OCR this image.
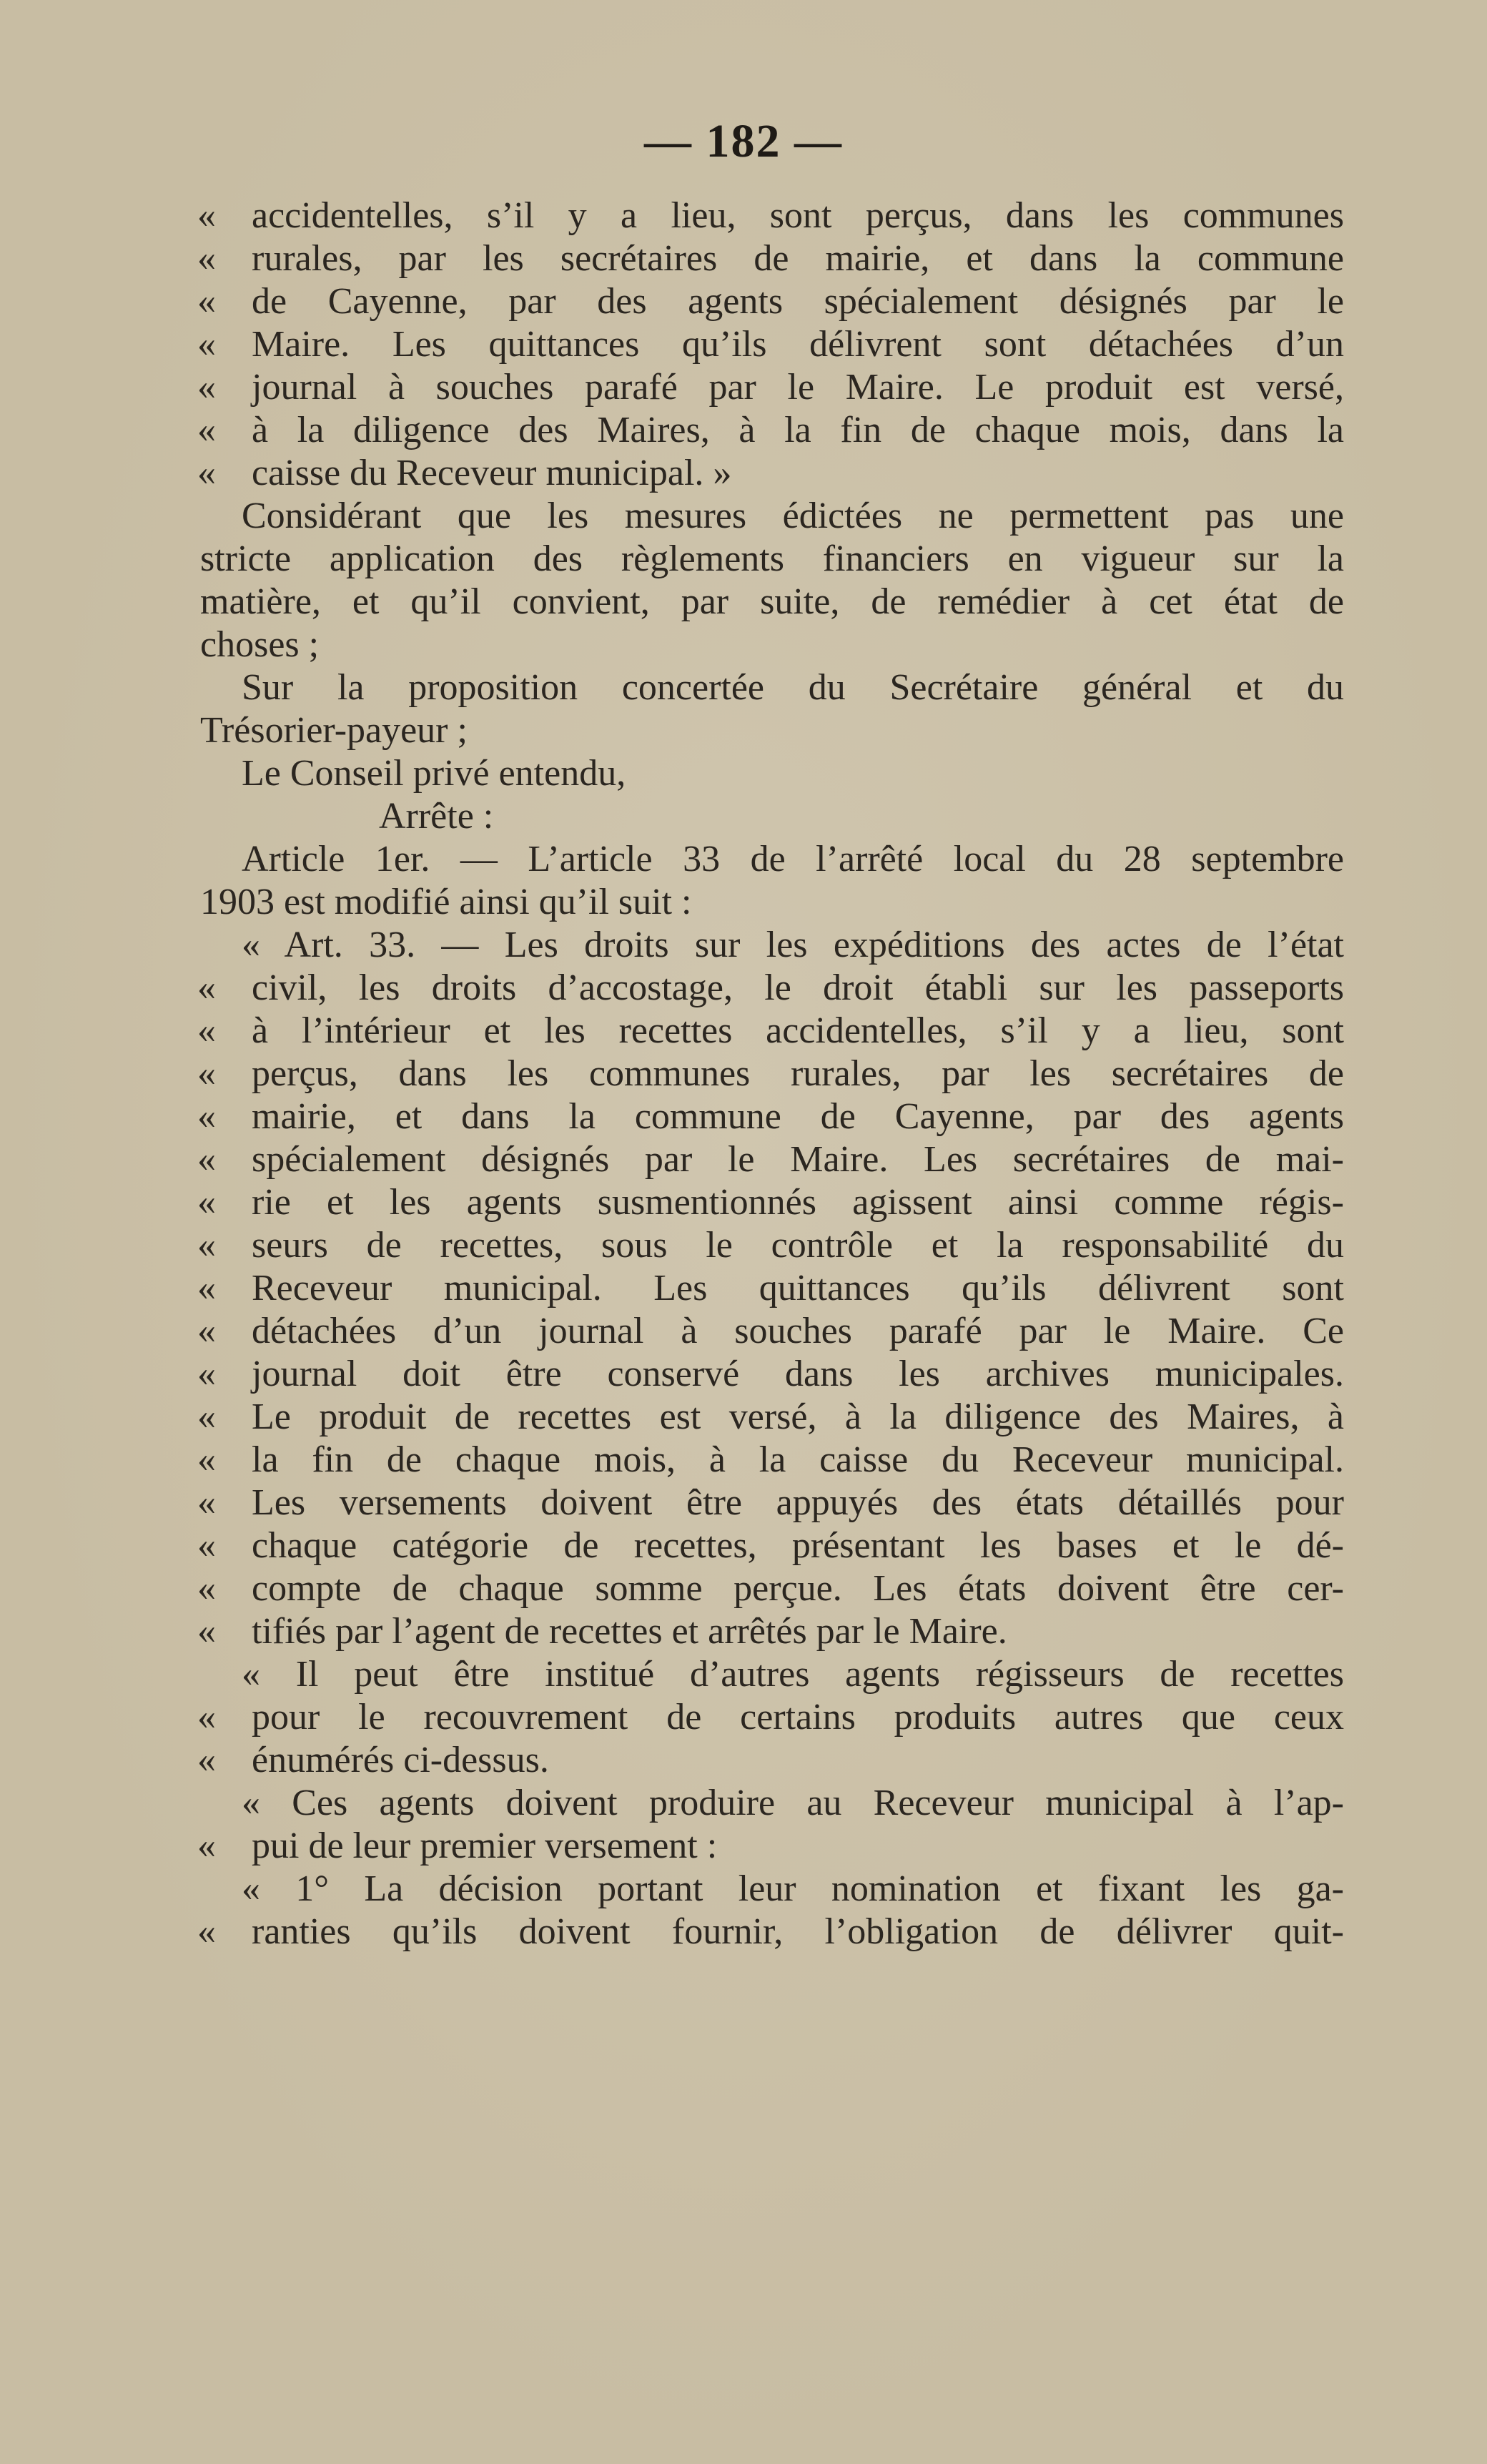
— 182 —
« accidentelles, s’il y a lieu, sont perçus, dans les communes
« rurales, par les secrétaires de mairie, et dans la commune
« de Cayenne, par des agents spécialement désignés par le
« Maire. Les quittances qu’ils délivrent sont détachées d’un
« journal à souches parafé par le Maire. Le produit est versé,
« à la diligence des Maires, à la fin de chaque mois, dans la
« caisse du Receveur municipal. »
Considérant que les mesures édictées ne permettent pas une
stricte application des règlements financiers en vigueur sur la
matière, et qu’il convient, par suite, de remédier à cet état de
choses ;
Sur la proposition concertée du Secrétaire général et du
Trésorier-payeur ;
Le Conseil privé entendu,
Arrête :
Article 1er. — L’article 33 de l’arrêté local du 28 septembre
1903 est modifié ainsi qu’il suit :
« Art. 33. — Les droits sur les expéditions des actes de l’état
« civil, les droits d’accostage, le droit établi sur les passeports
« à l’intérieur et les recettes accidentelles, s’il y a lieu, sont
« perçus, dans les communes rurales, par les secrétaires de
« mairie, et dans la commune de Cayenne, par des agents
« spécialement désignés par le Maire. Les secrétaires de mai-
« rie et les agents susmentionnés agissent ainsi comme régis-
« seurs de recettes, sous le contrôle et la responsabilité du
« Receveur municipal. Les quittances qu’ils délivrent sont
« détachées d’un journal à souches parafé par le Maire. Ce
« journal doit être conservé dans les archives municipales.
« Le produit de recettes est versé, à la diligence des Maires, à
« la fin de chaque mois, à la caisse du Receveur municipal.
« Les versements doivent être appuyés des états détaillés pour
« chaque catégorie de recettes, présentant les bases et le dé-
« compte de chaque somme perçue. Les états doivent être cer-
« tifiés par l’agent de recettes et arrêtés par le Maire.
« Il peut être institué d’autres agents régisseurs de recettes
« pour le recouvrement de certains produits autres que ceux
« énumérés ci-dessus.
« Ces agents doivent produire au Receveur municipal à l’ap-
« pui de leur premier versement :
« 1° La décision portant leur nomination et fixant les ga-
« ranties qu’ils doivent fournir, l’obligation de délivrer quit-
